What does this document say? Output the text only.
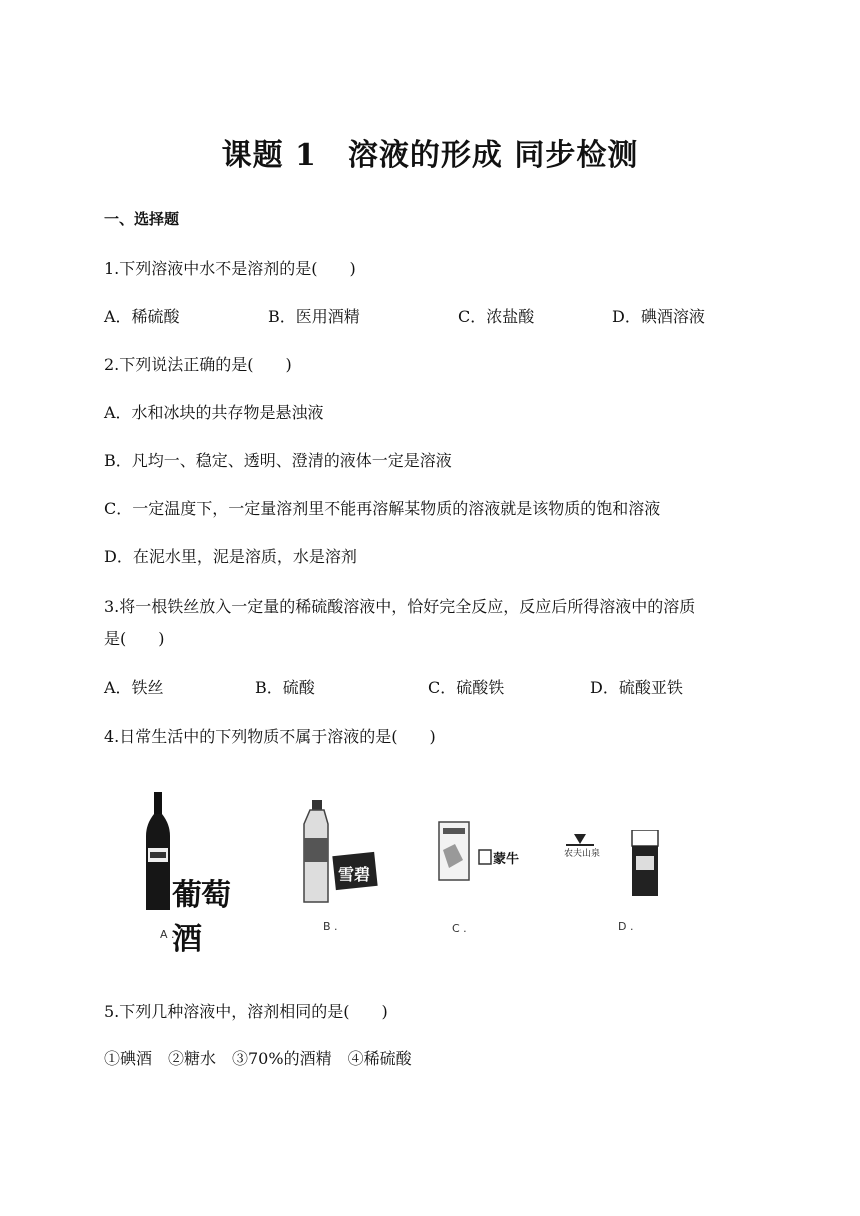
课题 1　溶液的形成 同步检测
一、选择题
1.下列溶液中水不是溶剂的是(　　)
A．稀硫酸	B．医用酒精	C．浓盐酸	D．碘酒溶液
2.下列说法正确的是(　　)
A．水和冰块的共存物是悬浊液
B．凡均一、稳定、透明、澄清的液体一定是溶液
C．一定温度下，一定量溶剂里不能再溶解某物质的溶液就是该物质的饱和溶液
D．在泥水里，泥是溶质，水是溶剂
3.将一根铁丝放入一定量的稀硫酸溶液中，恰好完全反应，反应后所得溶液中的溶质
是(　　)
A．铁丝	B．硫酸	C．硫酸铁	D．硫酸亚铁
4.日常生活中的下列物质不属于溶液的是(　　)
葡萄酒
A .
雪碧
B .
蒙牛
C .
农夫山泉
D .
5.下列几种溶液中，溶剂相同的是(　　)
①碘酒　②糖水　③70%的酒精　④稀硫酸
